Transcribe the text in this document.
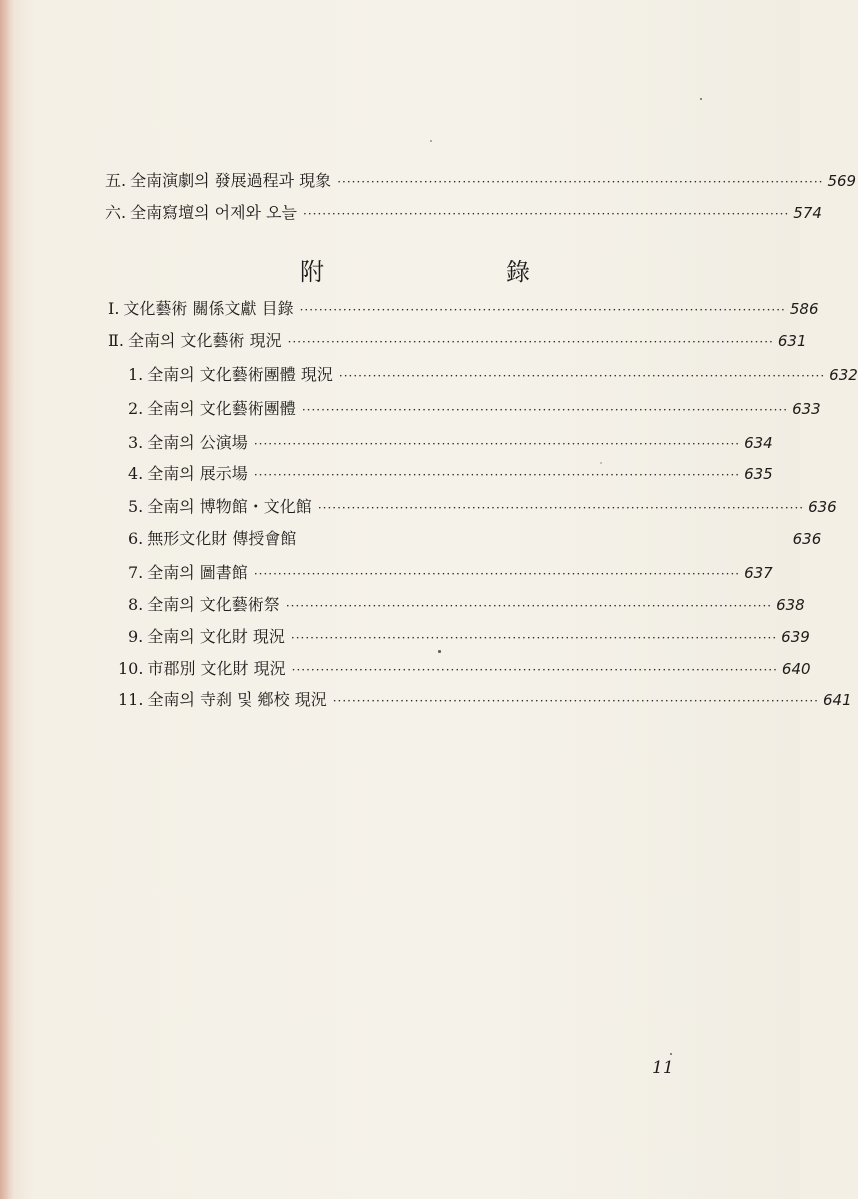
五. 全南演劇의 發展過程과 現象 ····································································································· 569
六. 全南寫壇의 어제와 오늘 ····································································································· 574
附	錄
Ⅰ. 文化藝術 關係文獻 目錄 ····································································································· 586
Ⅱ. 全南의 文化藝術 現況 ····································································································· 631
1. 全南의 文化藝術團體 現況 ····································································································· 632
2. 全南의 文化藝術團體 ····································································································· 633
3. 全南의 公演場 ····································································································· 634
4. 全南의 展示場 ····································································································· 635
5. 全南의 博物館・文化館 ····································································································· 636
6. 無形文化財 傳授會館	636
7. 全南의 圖書館 ····································································································· 637
8. 全南의 文化藝術祭 ····································································································· 638
9. 全南의 文化財 現況 ····································································································· 639
10. 市郡別 文化財 現況 ····································································································· 640
11. 全南의 寺刹 및 鄕校 現況 ····································································································· 641
11
